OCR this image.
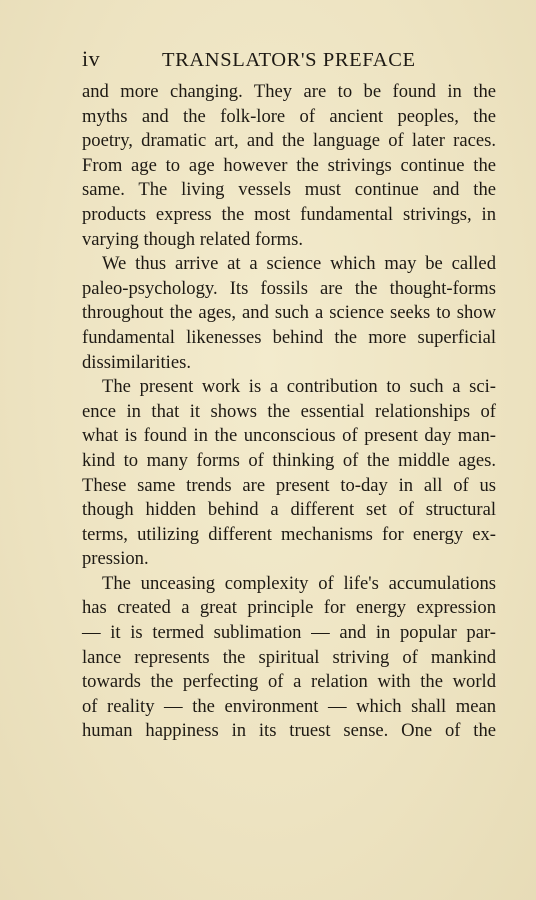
iv	TRANSLATOR'S PREFACE
and more changing. They are to be found in the
myths and the folk-lore of ancient peoples, the
poetry, dramatic art, and the language of later races.
From age to age however the strivings continue the
same. The living vessels must continue and the
products express the most fundamental strivings, in
varying though related forms.
We thus arrive at a science which may be called
paleo-psychology. Its fossils are the thought-forms
throughout the ages, and such a science seeks to show
fundamental likenesses behind the more superficial
dissimilarities.
The present work is a contribution to such a sci-
ence in that it shows the essential relationships of
what is found in the unconscious of present day man-
kind to many forms of thinking of the middle ages.
These same trends are present to-day in all of us
though hidden behind a different set of structural
terms, utilizing different mechanisms for energy ex-
pression.
The unceasing complexity of life's accumulations
has created a great principle for energy expression
— it is termed sublimation — and in popular par-
lance represents the spiritual striving of mankind
towards the perfecting of a relation with the world
of reality — the environment — which shall mean
human happiness in its truest sense. One of the
